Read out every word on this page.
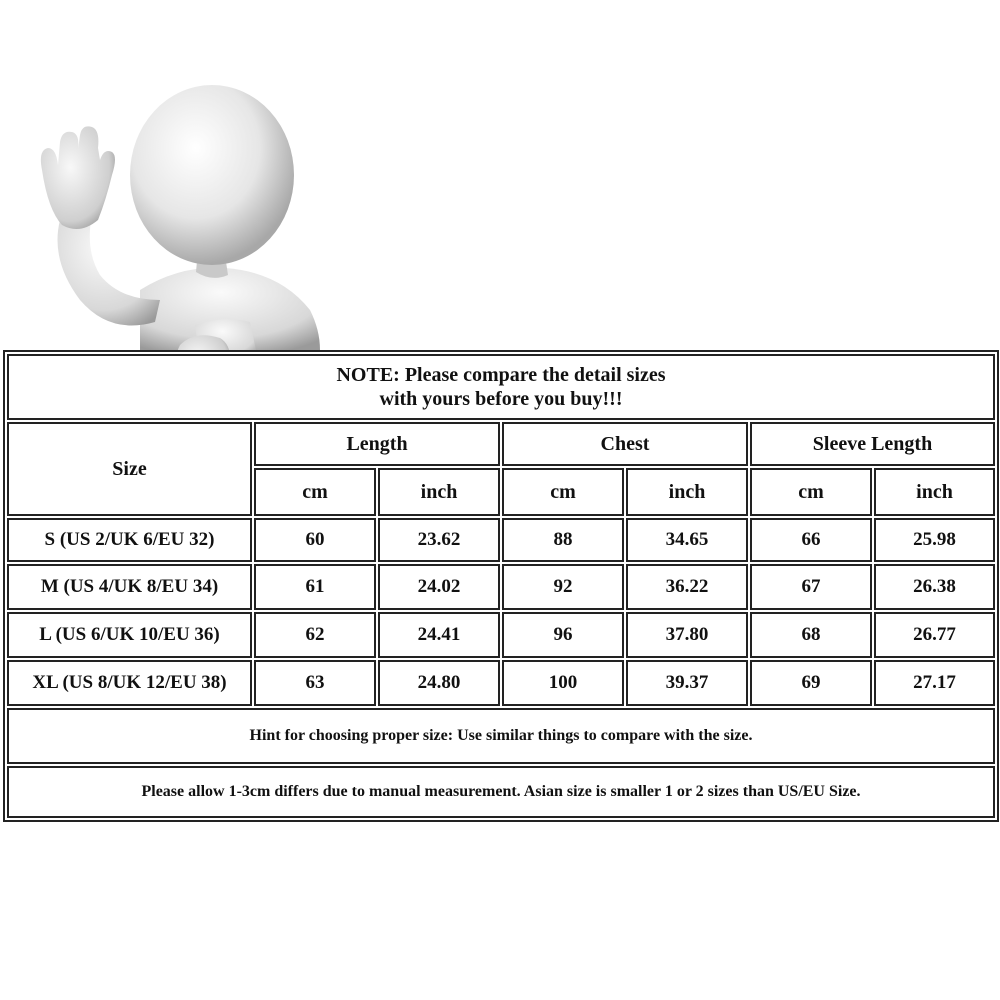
NOTE: Please compare the detail sizes
with yours before you buy!!!
Size
Length	Chest	Sleeve Length
cm	inch	cm	inch	cm	inch
S (US 2/UK 6/EU 32)	60	23.62	88	34.65	66	25.98
M (US 4/UK 8/EU 34)	61	24.02	92	36.22	67	26.38
L (US 6/UK 10/EU 36)	62	24.41	96	37.80	68	26.77
XL (US 8/UK 12/EU 38)	63	24.80	100	39.37	69	27.17
Hint for choosing proper size: Use similar things to compare with the size.
Please allow 1-3cm differs due to manual measurement. Asian size is smaller 1 or 2 sizes than US/EU Size.
